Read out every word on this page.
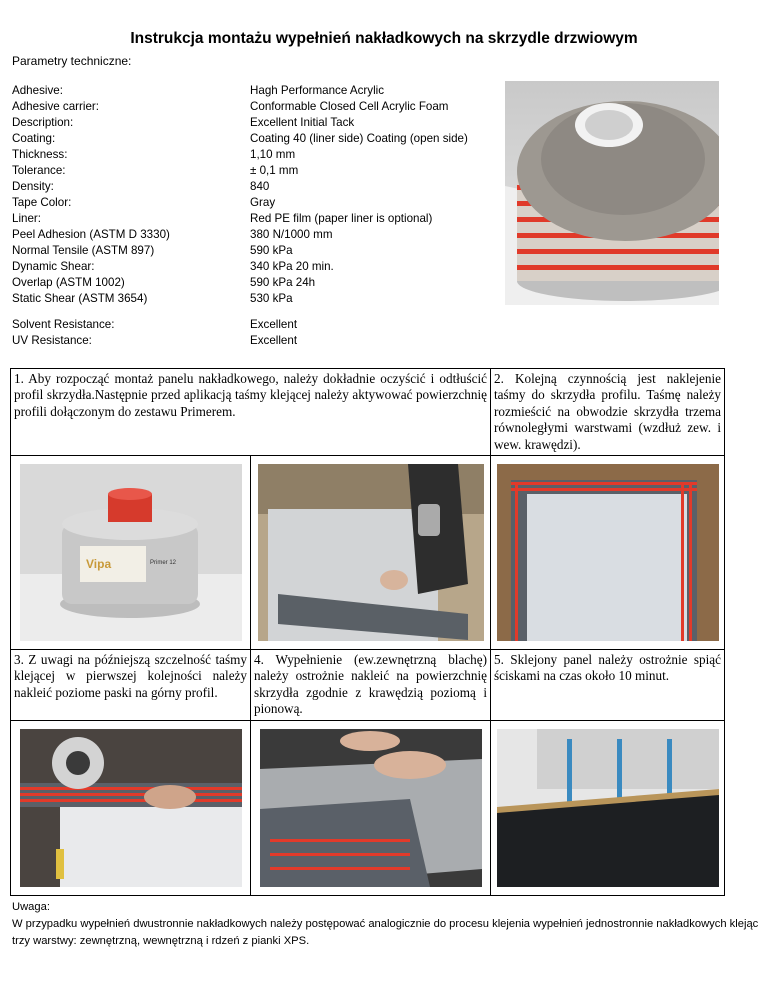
Instrukcja montażu wypełnień nakładkowych na skrzydle drzwiowym
Parametry techniczne:
Adhesive:	Hagh Performance Acrylic
Adhesive carrier:	Conformable Closed Cell Acrylic Foam
Description:	Excellent Initial Tack
Coating:	Coating 40 (liner side) Coating (open side)
Thickness:	1,10 mm
Tolerance:	± 0,1 mm
Density:	840
Tape Color:	Gray
Liner:	Red PE film (paper liner is optional)
Peel Adhesion (ASTM D 3330)	380 N/1000 mm
Normal Tensile (ASTM 897)	590 kPa
Dynamic Shear:	340 kPa 20 min.
Overlap (ASTM 1002)	590 kPa 24h
Static Shear (ASTM 3654)	530 kPa
Solvent Resistance:	Excellent
UV Resistance:	Excellent
1. Aby rozpocząć montaż panelu nakładkowego, należy dokładnie oczyścić i odtłuścić profil skrzydła.Następnie przed aplikacją taśmy klejącej należy aktywować powierzchnię profili dołączonym do zestawu Primerem.		2. Kolejną czynnością jest naklejenie taśmy do skrzydła profilu. Taśmę należy rozmieścić na obwodzie skrzydła trzema równoległymi warstwami (wzdłuż zew. i wew. krawędzi).

Vipa Primer 12

3. Z uwagi na późniejszą szczelność taśmy klejącej w pierwszej kolejności należy nakleić poziome paski na górny profil.	4. Wypełnienie (ew.zewnętrzną blachę) należy ostrożnie nakleić na powierzchnię skrzydła zgodnie z krawędzią poziomą i pionową.	5. Sklejony panel należy ostrożnie spiąć ściskami na czas około 10 minut.

Uwaga:
W przypadku wypełnień dwustronnie nakładkowych należy postępować analogicznie do procesu klejenia wypełnień jednostronnie nakładkowych klejąc trzy warstwy: zewnętrzną, wewnętrzną i rdzeń z pianki XPS.
